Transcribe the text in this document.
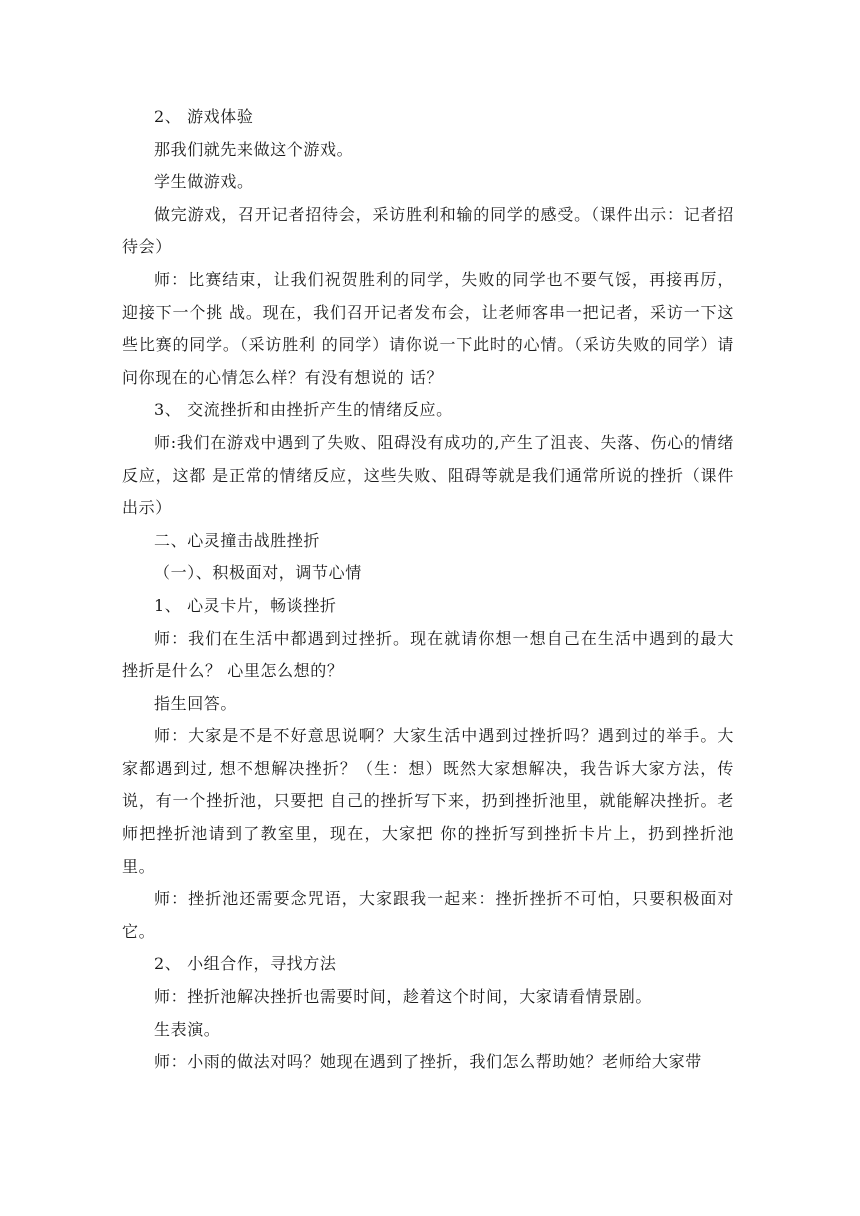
2、 游戏体验

那我们就先来做这个游戏。

学生做游戏。

做完游戏，召开记者招待会，采访胜利和输的同学的感受。（课件出示：记者招待会）

师：比赛结束，让我们祝贺胜利的同学，失败的同学也不要气馁，再接再厉，迎接下一个挑 战。现在，我们召开记者发布会，让老师客串一把记者，采访一下这些比赛的同学。（采访胜利 的同学）请你说一下此时的心情。（采访失败的同学）请问你现在的心情怎么样？有没有想说的 话？

3、 交流挫折和由挫折产生的情绪反应。

师:我们在游戏中遇到了失败、阻碍没有成功的,产生了沮丧、失落、伤心的情绪反应，这都 是正常的情绪反应，这些失败、阻碍等就是我们通常所说的挫折（课件出示）

二、心灵撞击战胜挫折

（一）、积极面对，调节心情

1、 心灵卡片，畅谈挫折

师：我们在生活中都遇到过挫折。现在就请你想一想自己在生活中遇到的最大挫折是什么？ 心里怎么想的？

指生回答。

师：大家是不是不好意思说啊？大家生活中遇到过挫折吗？遇到过的举手。大家都遇到过, 想不想解决挫折？（生：想）既然大家想解决，我告诉大家方法，传说，有一个挫折池，只要把 自己的挫折写下来，扔到挫折池里，就能解决挫折。老师把挫折池请到了教室里，现在，大家把 你的挫折写到挫折卡片上，扔到挫折池里。

师：挫折池还需要念咒语，大家跟我一起来：挫折挫折不可怕，只要积极面对它。

2、 小组合作，寻找方法

师：挫折池解决挫折也需要时间，趁着这个时间，大家请看情景剧。

生表演。

师：小雨的做法对吗？她现在遇到了挫折，我们怎么帮助她？老师给大家带
